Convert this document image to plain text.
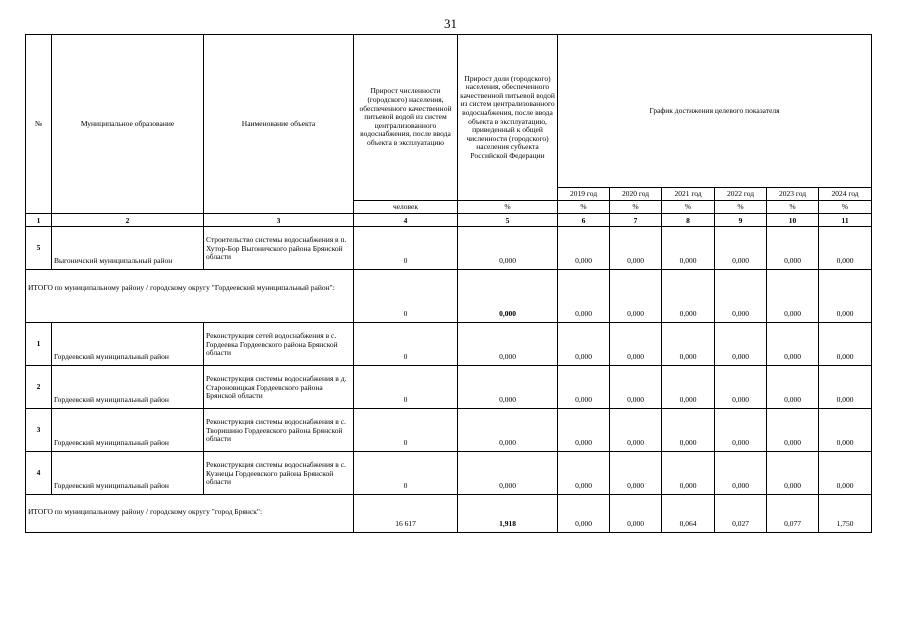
31
№	Муниципальное образование	Наименование объекта	Прирост численности (городского) населения, обеспеченного качественной питьевой водой из систем централизованного водоснабжения, после ввода объекта в эксплуатацию	Прирост доли (городского) населения, обеспеченного качественной питьевой водой из систем централизованного водоснабжения, после ввода объекта в эксплуатацию, приведенный к общей численности (городского) населения субъекта Российской Федерации	График достижения целевого показателя					
					2019 год	2020 год	2021 год	2022 год	2023 год	2024 год
			человек	%	%	%	%	%	%	%
1	2	3	4	5	6	7	8	9	10	11
5	Выгоничский муниципальный район	Строительство системы водоснабжения в п. Хутор-Бор Выгоничского района Брянской области	0	0,000	0,000	0,000	0,000	0,000	0,000	0,000
ИТОГО по муниципальному району / городскому округу "Гордеевский муниципальный район":			0	0,000	0,000	0,000	0,000	0,000	0,000	0,000
1	Гордеевский муниципальный район	Реконструкция сетей водоснабжения в с. Гордеевка Гордеевского района Брянской области	0	0,000	0,000	0,000	0,000	0,000	0,000	0,000
2	Гордеевский муниципальный район	Реконструкция системы водоснабжения в д. Староновицкая Гордеевского района Брянской области	0	0,000	0,000	0,000	0,000	0,000	0,000	0,000
3	Гордеевский муниципальный район	Реконструкция системы водоснабжения в с. Творишино Гордеевского района Брянской области	0	0,000	0,000	0,000	0,000	0,000	0,000	0,000
4	Гордеевский муниципальный район	Реконструкция системы водоснабжения в с. Кузнецы Гордеевского района Брянской области	0	0,000	0,000	0,000	0,000	0,000	0,000	0,000
ИТОГО по муниципальному району / городскому округу "город Брянск":			16 617	1,918	0,000	0,000	0,064	0,027	0,077	1,750
